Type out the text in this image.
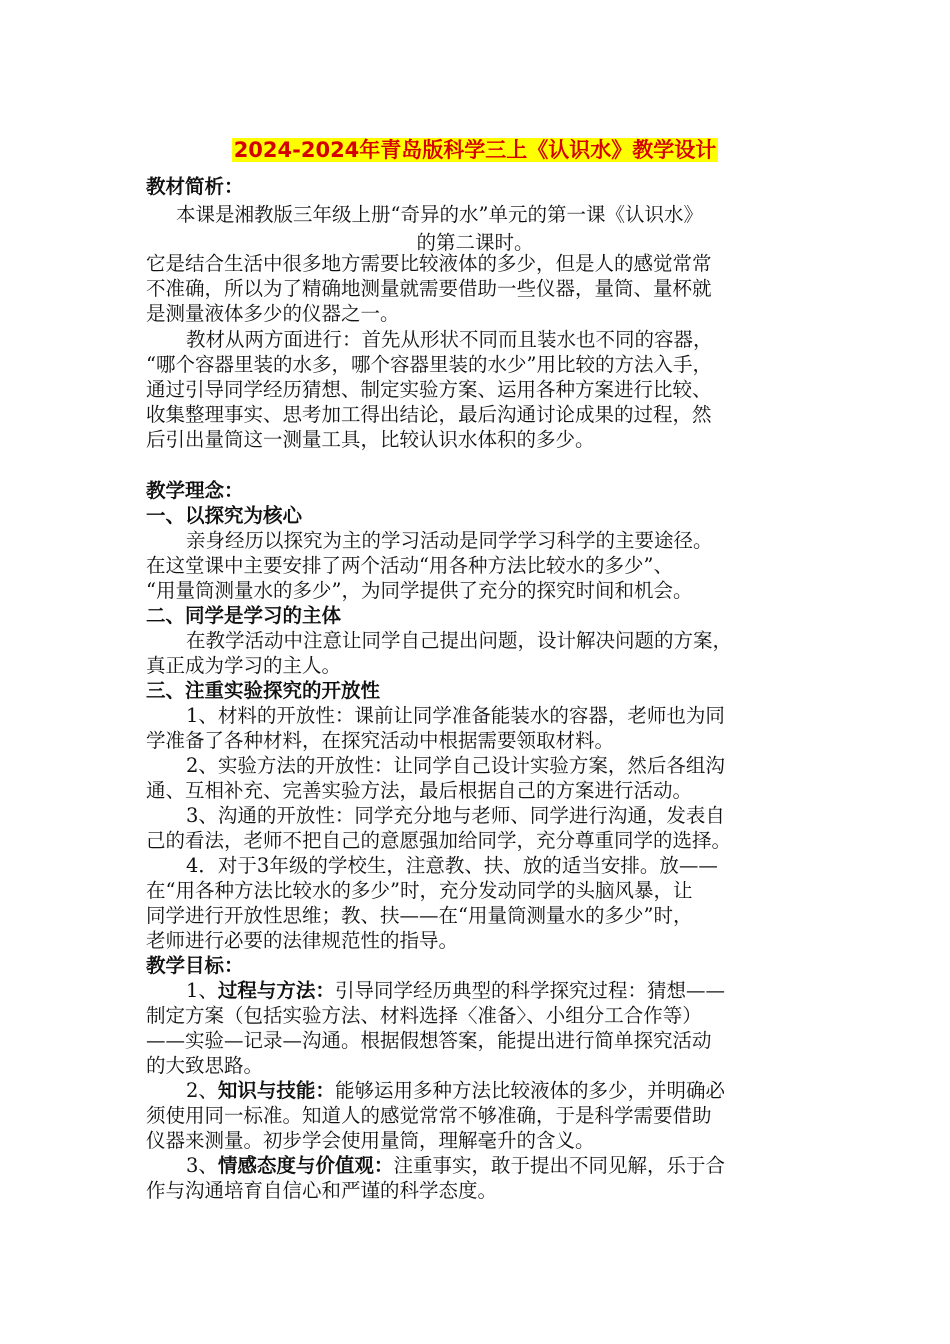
2024-2024年青岛版科学三上《认识水》教学设计
教材简析：
本课是湘教版三年级上册“奇异的水”单元的第一课《认识水》
的第二课时。
它是结合生活中很多地方需要比较液体的多少，但是人的感觉常常
不准确，所以为了精确地测量就需要借助一些仪器，量筒、量杯就
是测量液体多少的仪器之一。
教材从两方面进行：首先从形状不同而且装水也不同的容器，
“哪个容器里装的水多，哪个容器里装的水少”用比较的方法入手，
通过引导同学经历猜想、制定实验方案、运用各种方案进行比较、
收集整理事实、思考加工得出结论，最后沟通讨论成果的过程，然
后引出量筒这一测量工具，比较认识水体积的多少。
教学理念：
一、以探究为核心
亲身经历以探究为主的学习活动是同学学习科学的主要途径。
在这堂课中主要安排了两个活动“用各种方法比较水的多少”、
“用量筒测量水的多少”，为同学提供了充分的探究时间和机会。
二、同学是学习的主体
在教学活动中注意让同学自己提出问题，设计解决问题的方案，
真正成为学习的主人。
三、注重实验探究的开放性
1、材料的开放性：课前让同学准备能装水的容器，老师也为同
学准备了各种材料，在探究活动中根据需要领取材料。
2、实验方法的开放性：让同学自己设计实验方案，然后各组沟
通、互相补充、完善实验方法，最后根据自己的方案进行活动。
3、沟通的开放性：同学充分地与老师、同学进行沟通，发表自
己的看法，老师不把自己的意愿强加给同学，充分尊重同学的选择。
4．对于3年级的学校生，注意教、扶、放的适当安排。放——
在“用各种方法比较水的多少”时，充分发动同学的头脑风暴，让
同学进行开放性思维；教、扶——在“用量筒测量水的多少”时，
老师进行必要的法律规范性的指导。
教学目标：
1、过程与方法：引导同学经历典型的科学探究过程：猜想——
制定方案（包括实验方法、材料选择〈准备〉、小组分工合作等）
——实验—记录—沟通。根据假想答案，能提出进行简单探究活动
的大致思路。
2、知识与技能：能够运用多种方法比较液体的多少，并明确必
须使用同一标准。知道人的感觉常常不够准确，于是科学需要借助
仪器来测量。初步学会使用量筒，理解毫升的含义。
3、情感态度与价值观：注重事实，敢于提出不同见解，乐于合
作与沟通培育自信心和严谨的科学态度。
